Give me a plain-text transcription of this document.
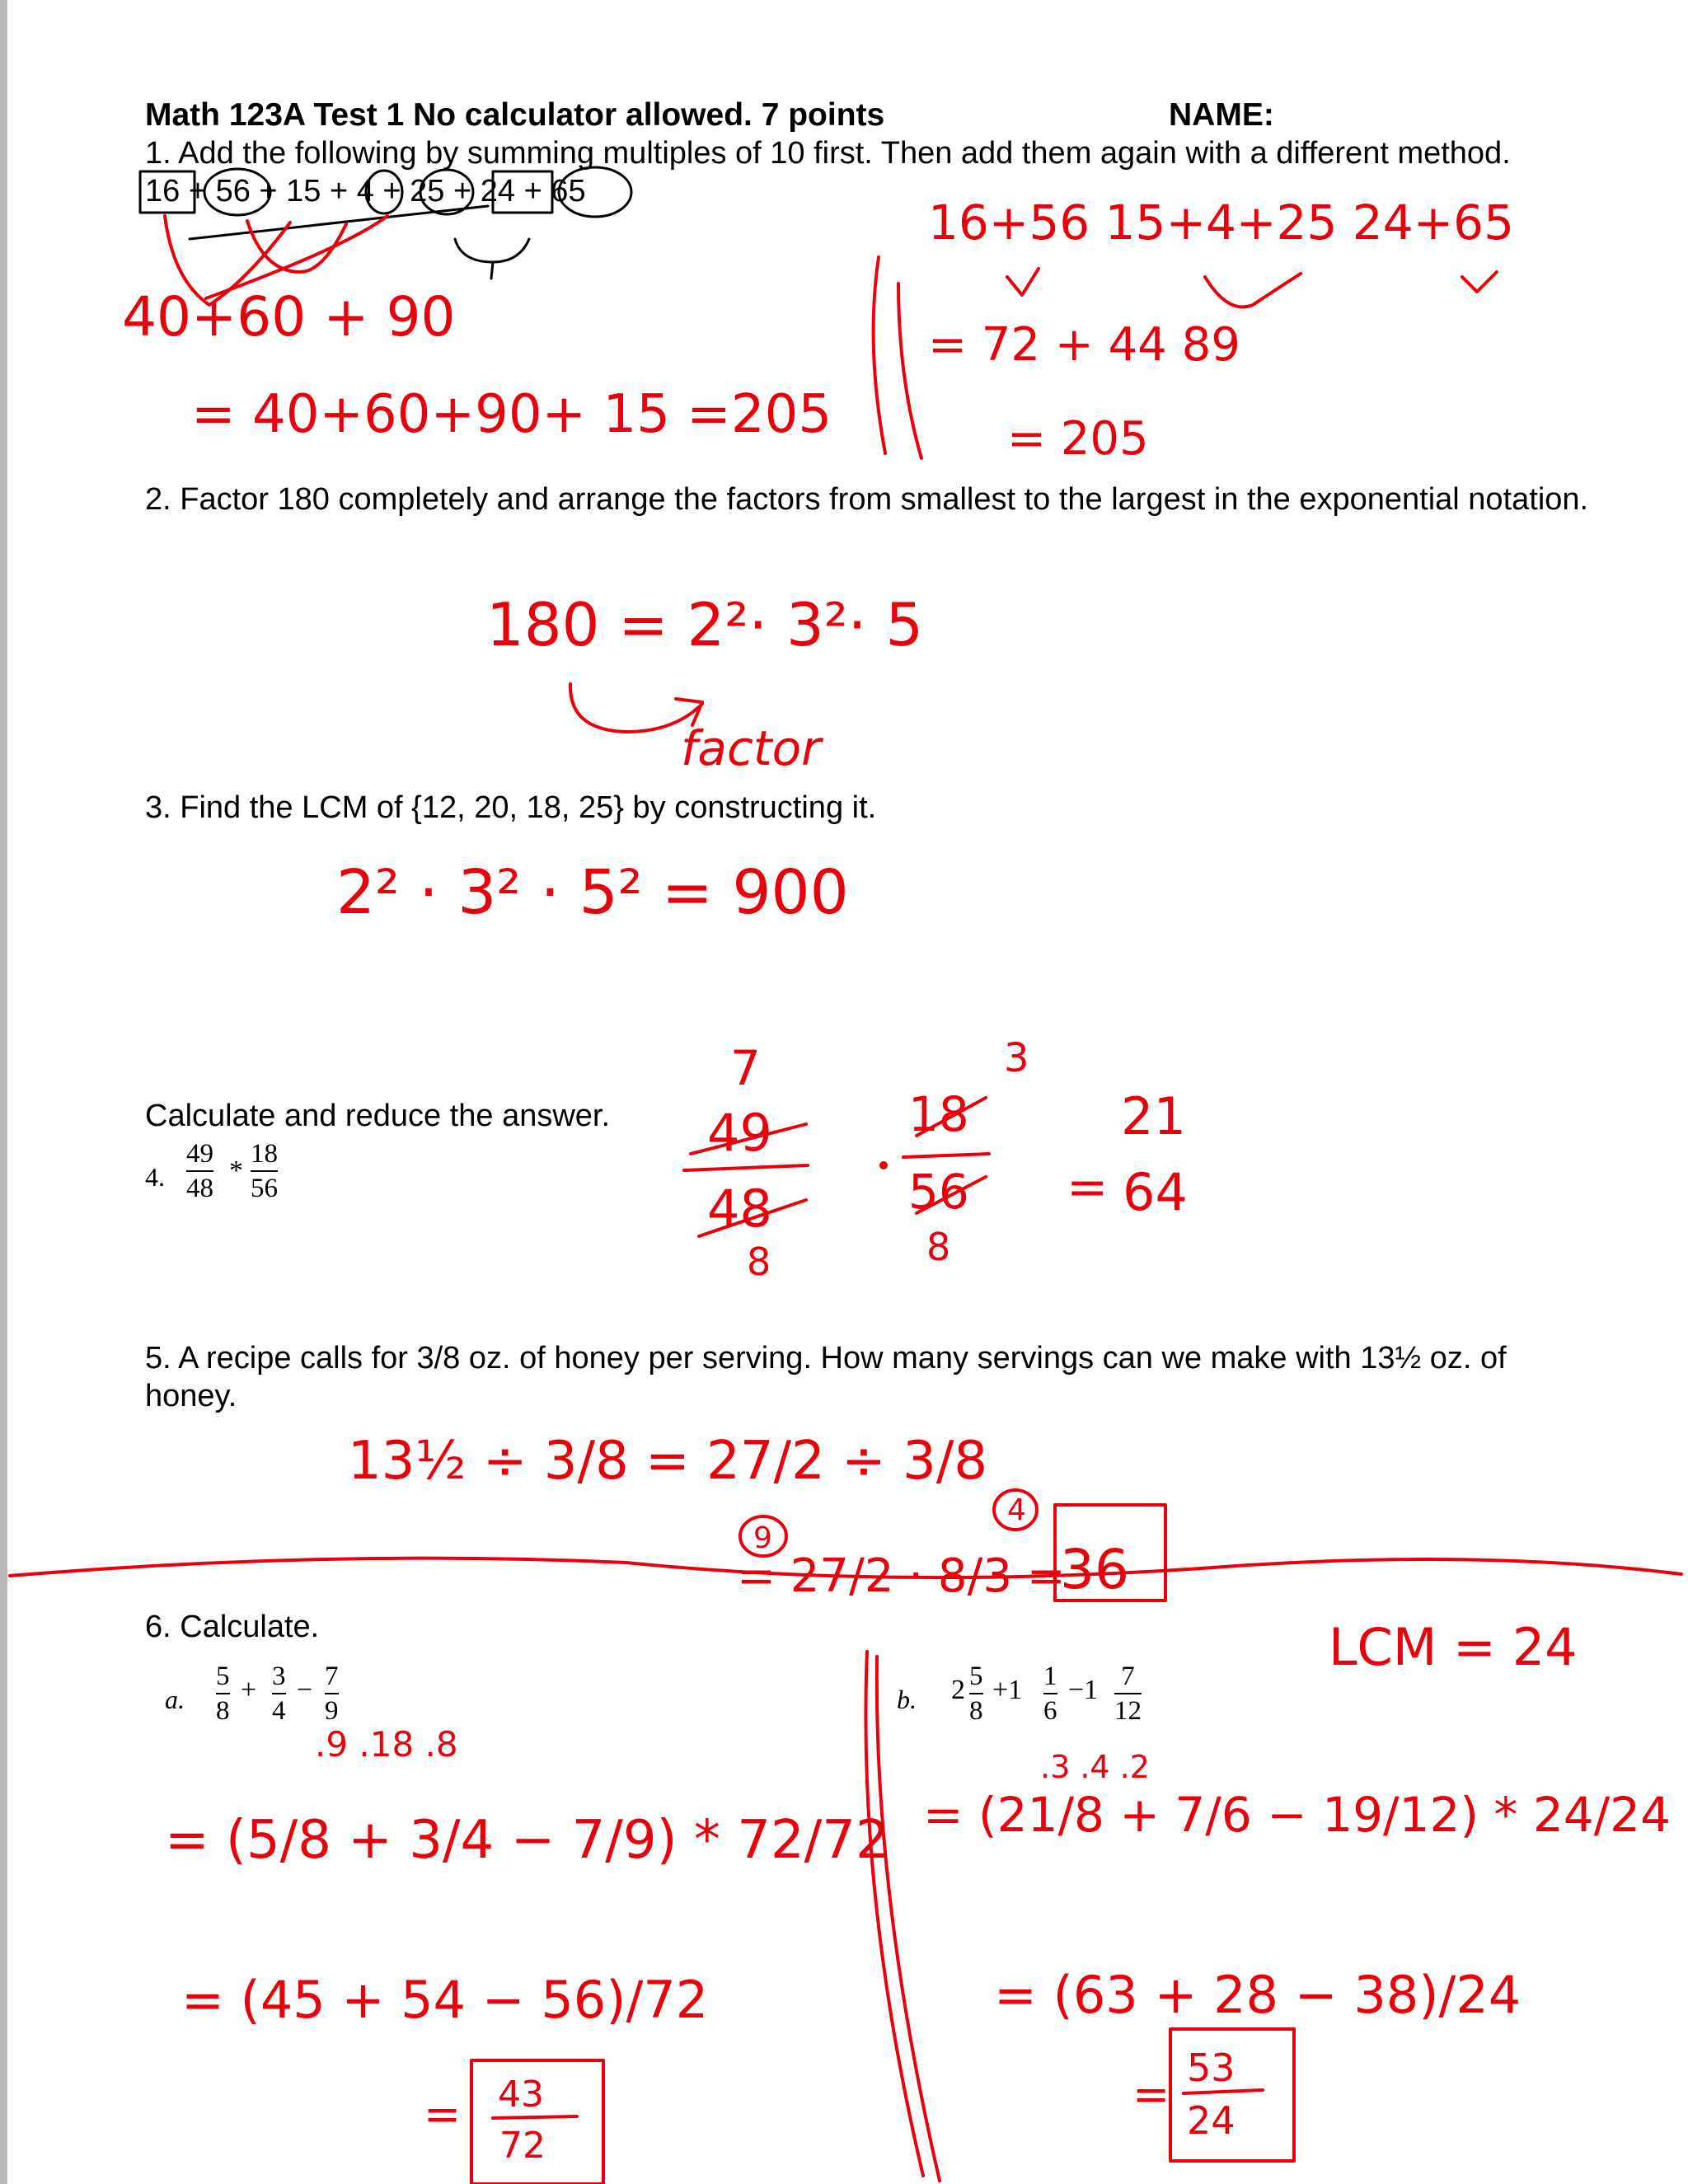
Math 123A Test 1 No calculator allowed. 7 points	NAME:
1. Add the following by summing multiples of 10 first. Then add them again with a different method.
16 + 56 + 15 + 4 + 25 + 24 + 65
2. Factor 180 completely and arrange the factors from smallest to the largest in the exponential notation.
3. Find the LCM of {12, 20, 18, 25} by constructing it.
Calculate and reduce the answer.
4.
49
48
*
18
56
5. A recipe calls for 3/8 oz. of honey per serving. How many servings can we make with 13½ oz. of
honey.
6. Calculate.
a.
5
8
+ 3
4
− 7
9	b. 2 5
8
+1 1
6
−1 7
12
40+60 + 90
= 40+60+90+ 15 =205
16+56 15+4+25 24+65
= 72 + 44 89
= 205
180 = 2²· 3²· 5
factor
2² · 3² · 5² = 900
7
49
48
8
3
18
56
8
=
21
64
13½ ÷ 3/8 = 27/2 ÷ 3/8
= 27/2 · 8/3 =
9
4
36
LCM = 24
.9 .18 .8
= (5/8 + 3/4 − 7/9) * 72/72
= (45 + 54 − 56)/72
= 43
72
.3 .4 .2
= (21/8 + 7/6 − 19/12) * 24/24
= (63 + 28 − 38)/24
=
53
24
